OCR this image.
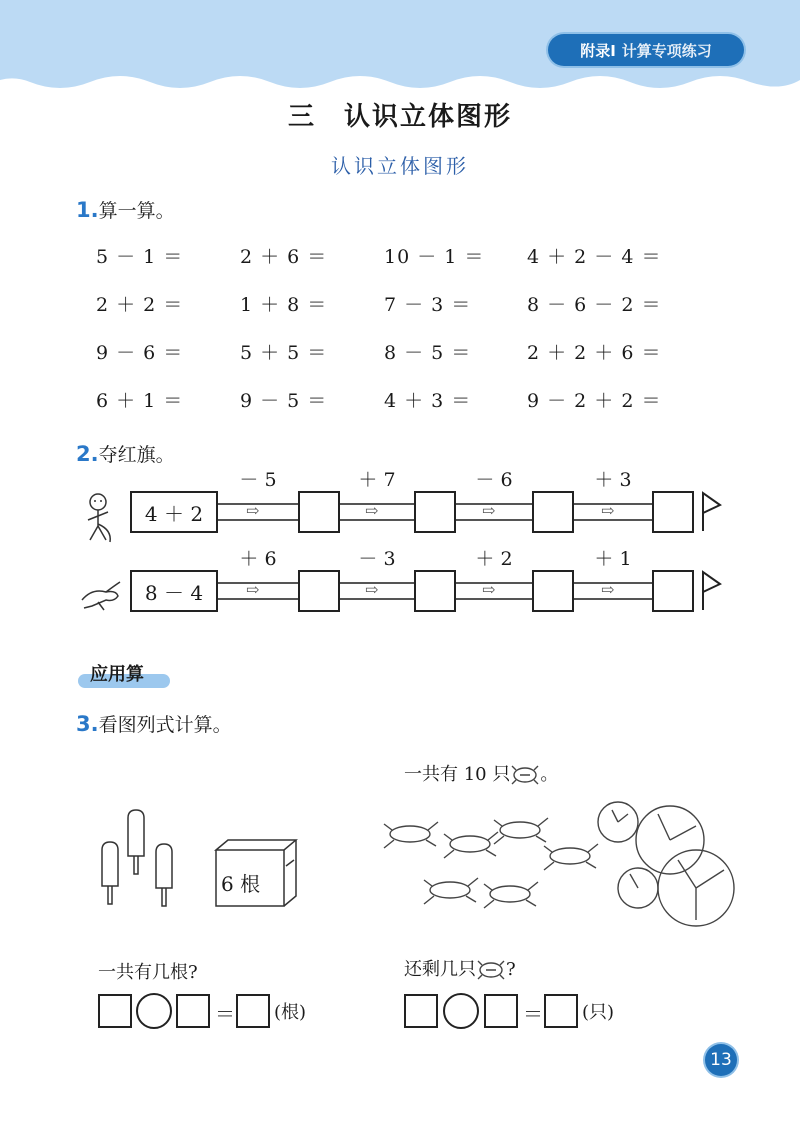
附录Ⅰ 计算专项练习
三 认识立体图形
认识立体图形
1.算一算。
5 － 1 ＝	2 ＋ 6 ＝	10 － 1 ＝ 4 ＋ 2 － 4 ＝
2 ＋ 2 ＝	1 ＋ 8 ＝	7 － 3 ＝	8 － 6 － 2 ＝
9 － 6 ＝	5 ＋ 5 ＝	8 － 5 ＝	2 ＋ 2 ＋ 6 ＝
6 ＋ 1 ＝	9 － 5 ＝	4 ＋ 3 ＝	9 － 2 ＋ 2 ＝
2.夺红旗。
4 ＋ 2	⇨
－ 5
⇨
＋ 7
⇨
－ 6
⇨
＋ 3
8 － 4	⇨
＋ 6
⇨
－ 3
⇨
＋ 2
⇨
＋ 1
应用算
3.看图列式计算。
6 根
一共有 10 只 。
一共有几根?
＝ (根)
还剩几只 ?
＝ (只)
13
